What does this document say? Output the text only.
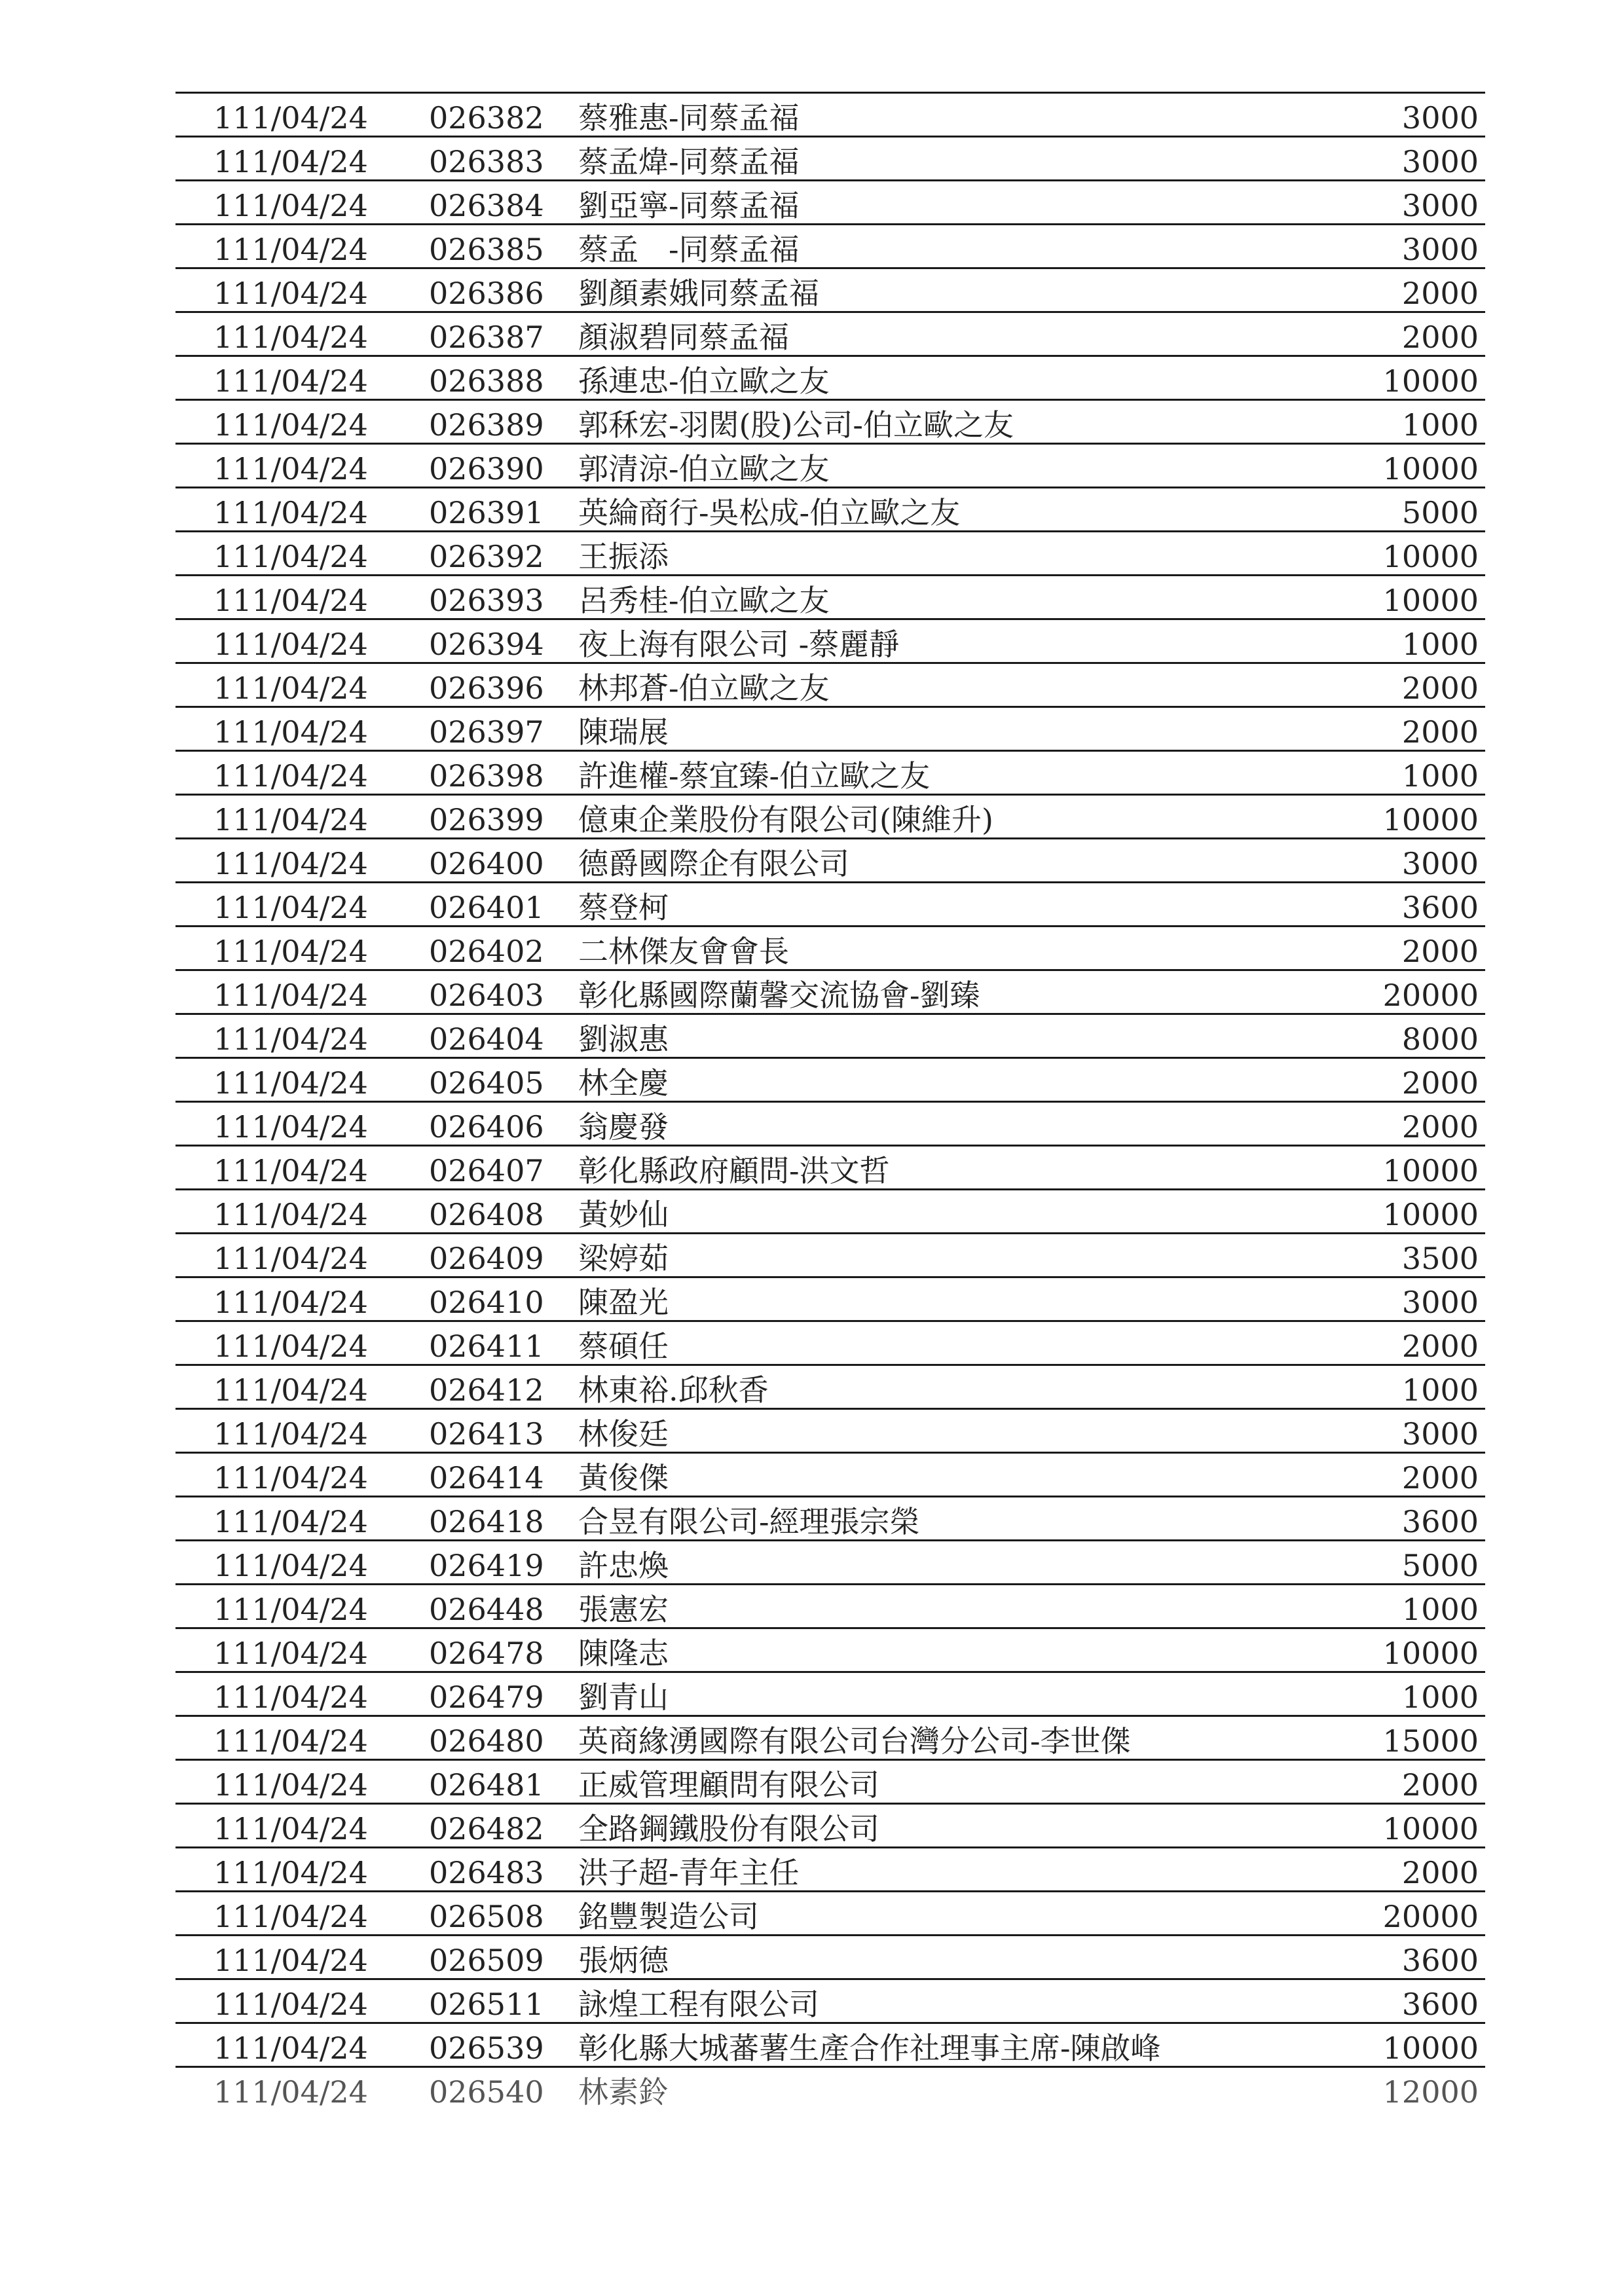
111/04/24	026382	蔡雅惠-同蔡孟福	3000
111/04/24	026383	蔡孟煒-同蔡孟福	3000
111/04/24	026384	劉亞寧-同蔡孟福	3000
111/04/24	026385	蔡孟　-同蔡孟福	3000
111/04/24	026386	劉顏素娥同蔡孟福	2000
111/04/24	026387	顏淑碧同蔡孟福	2000
111/04/24	026388	孫連忠-伯立歐之友	10000
111/04/24	026389	郭秝宏-羽閎(股)公司-伯立歐之友	1000
111/04/24	026390	郭清涼-伯立歐之友	10000
111/04/24	026391	英綸商行-吳松成-伯立歐之友	5000
111/04/24	026392	王振添	10000
111/04/24	026393	呂秀桂-伯立歐之友	10000
111/04/24	026394	夜上海有限公司 -蔡麗靜	1000
111/04/24	026396	林邦蒼-伯立歐之友	2000
111/04/24	026397	陳瑞展	2000
111/04/24	026398	許進權-蔡宜臻-伯立歐之友	1000
111/04/24	026399	億東企業股份有限公司(陳維升)	10000
111/04/24	026400	德爵國際企有限公司	3000
111/04/24	026401	蔡登柯	3600
111/04/24	026402	二林傑友會會長	2000
111/04/24	026403	彰化縣國際蘭馨交流協會-劉臻	20000
111/04/24	026404	劉淑惠	8000
111/04/24	026405	林全慶	2000
111/04/24	026406	翁慶發	2000
111/04/24	026407	彰化縣政府顧問-洪文哲	10000
111/04/24	026408	黃妙仙	10000
111/04/24	026409	梁婷茹	3500
111/04/24	026410	陳盈光	3000
111/04/24	026411	蔡碩任	2000
111/04/24	026412	林東裕.邱秋香	1000
111/04/24	026413	林俊廷	3000
111/04/24	026414	黃俊傑	2000
111/04/24	026418	合昱有限公司-經理張宗榮	3600
111/04/24	026419	許忠煥	5000
111/04/24	026448	張憲宏	1000
111/04/24	026478	陳隆志	10000
111/04/24	026479	劉青山	1000
111/04/24	026480	英商緣湧國際有限公司台灣分公司-李世傑	15000
111/04/24	026481	正威管理顧問有限公司	2000
111/04/24	026482	全路鋼鐵股份有限公司	10000
111/04/24	026483	洪子超-青年主任	2000
111/04/24	026508	銘豐製造公司	20000
111/04/24	026509	張炳德	3600
111/04/24	026511	詠煌工程有限公司	3600
111/04/24	026539	彰化縣大城蕃薯生產合作社理事主席-陳啟峰	10000
111/04/24	026540	林素鈴	12000
